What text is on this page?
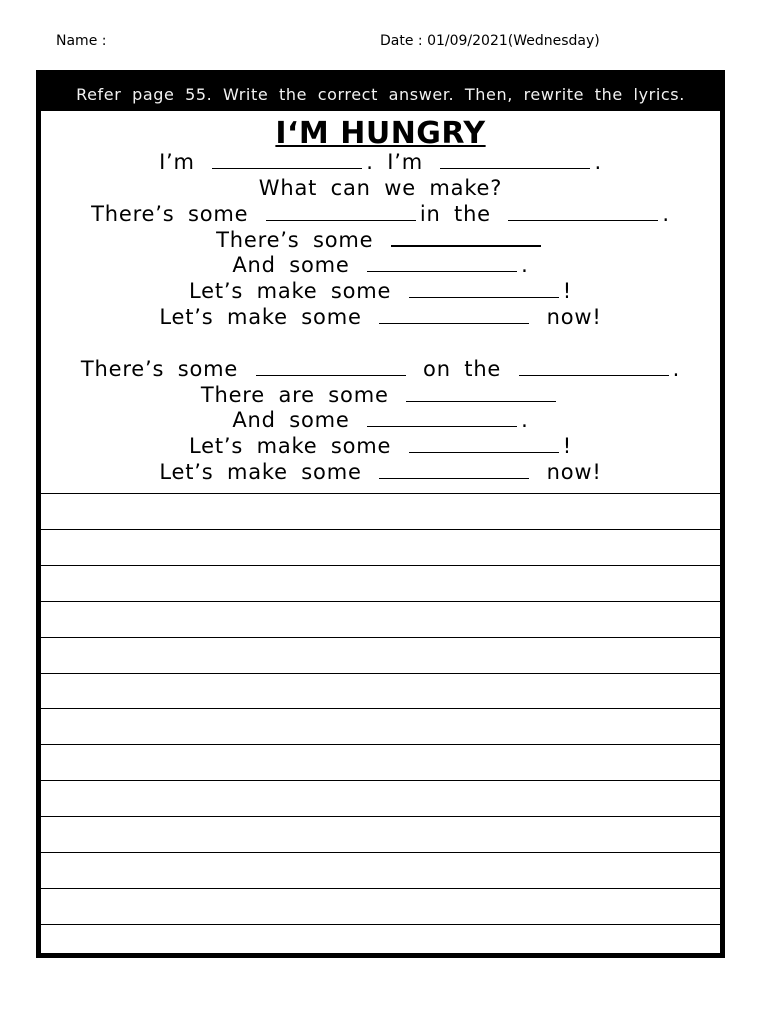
Name :	Date : 01/09/2021(Wednesday)
Refer page 55. Write the correct answer. Then, rewrite the lyrics.
I‘M HUNGRY
I’m	. I’m	.
What can we make?
There’s some	in the	.
There’s some
And some	.
Let’s make some	!
Let’s make some	now!
There’s some	on the	.
There are some
And some	.
Let’s make some	!
Let’s make some	now!
